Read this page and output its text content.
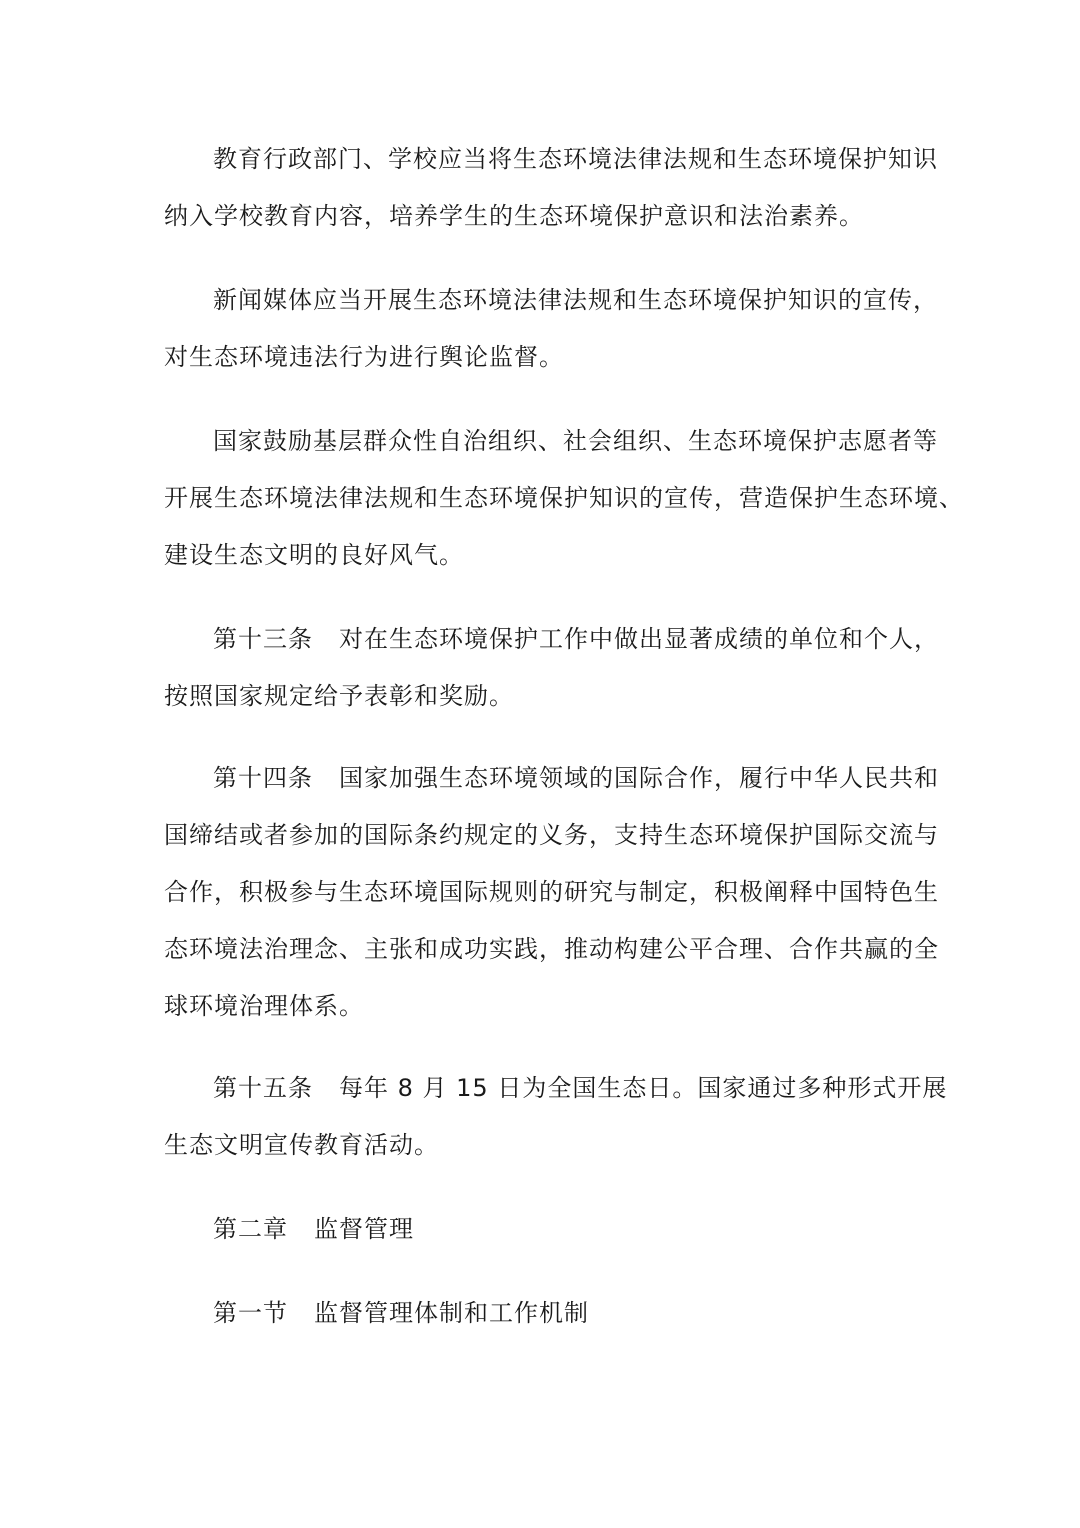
教育行政部门、学校应当将生态环境法律法规和生态环境保护知识
纳入学校教育内容，培养学生的生态环境保护意识和法治素养。
新闻媒体应当开展生态环境法律法规和生态环境保护知识的宣传，
对生态环境违法行为进行舆论监督。
国家鼓励基层群众性自治组织、社会组织、生态环境保护志愿者等
开展生态环境法律法规和生态环境保护知识的宣传，营造保护生态环境、
建设生态文明的良好风气。
第十三条 对在生态环境保护工作中做出显著成绩的单位和个人，
按照国家规定给予表彰和奖励。
第十四条 国家加强生态环境领域的国际合作，履行中华人民共和
国缔结或者参加的国际条约规定的义务，支持生态环境保护国际交流与
合作，积极参与生态环境国际规则的研究与制定，积极阐释中国特色生
态环境法治理念、主张和成功实践，推动构建公平合理、合作共赢的全
球环境治理体系。
第十五条 每年 8 月 15 日为全国生态日。国家通过多种形式开展
生态文明宣传教育活动。
第二章 监督管理
第一节 监督管理体制和工作机制
